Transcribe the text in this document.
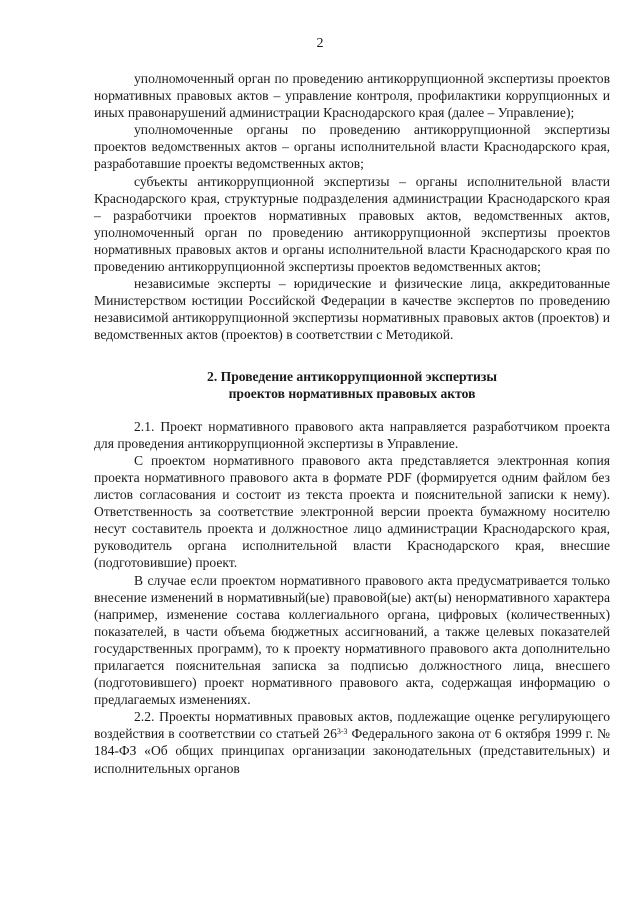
2

уполномоченный орган по проведению антикоррупционной экспертизы проектов нормативных правовых актов – управление контроля, профилактики коррупционных и иных правонарушений администрации Краснодарского края (далее – Управление);

уполномоченные органы по проведению антикоррупционной экспертизы проектов ведомственных актов – органы исполнительной власти Краснодарского края, разработавшие проекты ведомственных актов;

субъекты антикоррупционной экспертизы – органы исполнительной власти Краснодарского края, структурные подразделения администрации Краснодарского края – разработчики проектов нормативных правовых актов, ведомственных актов, уполномоченный орган по проведению антикоррупционной экспертизы проектов нормативных правовых актов и органы исполнительной власти Краснодарского края по проведению антикоррупционной экспертизы проектов ведомственных актов;

независимые эксперты – юридические и физические лица, аккредитованные Министерством юстиции Российской Федерации в качестве экспертов по проведению независимой антикоррупционной экспертизы нормативных правовых актов (проектов) и ведомственных актов (проектов) в соответствии с Методикой.

2. Проведение антикоррупционной экспертизы

проектов нормативных правовых актов

2.1. Проект нормативного правового акта направляется разработчиком проекта для проведения антикоррупционной экспертизы в Управление.

С проектом нормативного правового акта представляется электронная копия проекта нормативного правового акта в формате PDF (формируется одним файлом без листов согласования и состоит из текста проекта и пояснительной записки к нему). Ответственность за соответствие электронной версии проекта бумажному носителю несут составитель проекта и должностное лицо администрации Краснодарского края, руководитель органа исполнительной власти Краснодарского края, внесшие (подготовившие) проект.

В случае если проектом нормативного правового акта предусматривается только внесение изменений в нормативный(ые) правовой(ые) акт(ы) ненормативного характера (например, изменение состава коллегиального органа, цифровых (количественных) показателей, в части объема бюджетных ассигнований, а также целевых показателей государственных программ), то к проекту нормативного правового акта дополнительно прилагается пояснительная записка за подписью должностного лица, внесшего (подготовившего) проект нормативного правового акта, содержащая информацию о предлагаемых изменениях.

2.2. Проекты нормативных правовых актов, подлежащие оценке регулирующего воздействия в соответствии со статьей 26$^{3-3}$ Федерального закона от 6 октября 1999 г. № 184-ФЗ «Об общих принципах организации законодательных (представительных) и исполнительных органов
